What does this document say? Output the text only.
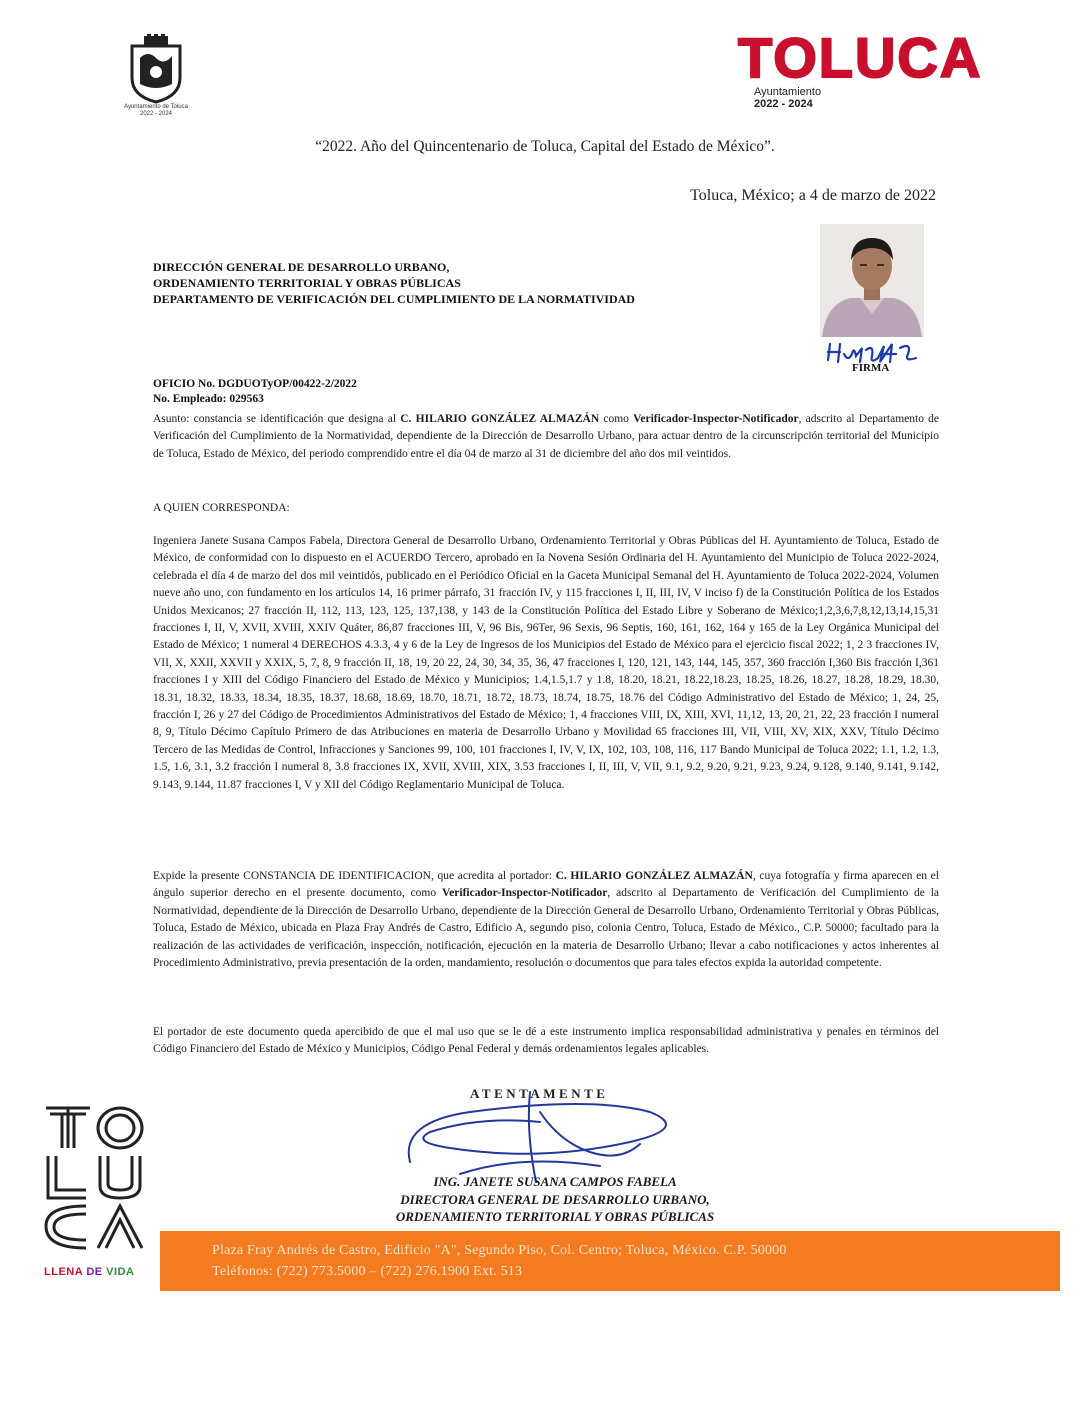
Ayuntamiento de Toluca
2022 - 2024
TOLUCA
Ayuntamiento
2022 - 2024
“2022. Año del Quincentenario de Toluca, Capital del Estado de México”.
Toluca, México; a 4 de marzo de 2022
DIRECCIÓN GENERAL DE DESARROLLO URBANO,
ORDENAMIENTO TERRITORIAL Y OBRAS PÚBLICAS
DEPARTAMENTO DE VERIFICACIÓN DEL CUMPLIMIENTO DE LA NORMATIVIDAD
FIRMA
OFICIO No. DGDUOTyOP/00422-2/2022
No. Empleado: 029563
Asunto: constancia se identificación que designa al C. HILARIO GONZÁLEZ ALMAZÁN como Verificador-Inspector-Notificador, adscrito al Departamento de Verificación del Cumplimiento de la Normatividad, dependiente de la Dirección de Desarrollo Urbano, para actuar dentro de la circunscripción territorial del Municipio de Toluca, Estado de México, del periodo comprendido entre el día 04 de marzo al 31 de diciembre del año dos mil veintidos.
A QUIEN CORRESPONDA:
Ingeniera Janete Susana Campos Fabela, Directora General de Desarrollo Urbano, Ordenamiento Territorial y Obras Públicas del H. Ayuntamiento de Toluca, Estado de México, de conformidad con lo dispuesto en el ACUERDO Tercero, aprobado en la Novena Sesión Ordinaria del H. Ayuntamiento del Municipio de Toluca 2022-2024, celebrada el día 4 de marzo del dos mil veintidós, publicado en el Periódico Oficial en la Gaceta Municipal Semanal del H. Ayuntamiento de Toluca 2022-2024, Volumen nueve año uno, con fundamento en los artículos 14, 16 primer párrafo, 31 fracción IV, y 115 fracciones I, II, III, IV, V inciso f) de la Constitución Política de los Estados Unidos Mexicanos; 27 fracción II, 112, 113, 123, 125, 137,138, y 143 de la Constitución Política del Estado Libre y Soberano de México;1,2,3,6,7,8,12,13,14,15,31 fracciones I, II, V, XVII, XVIII, XXIV Quáter, 86,87 fracciones III, V, 96 Bis, 96Ter, 96 Sexis, 96 Septis, 160, 161, 162, 164 y 165 de la Ley Orgánica Municipal del Estado de México; 1 numeral 4 DERECHOS 4.3.3, 4 y 6 de la Ley de Ingresos de los Municipios del Estado de México para el ejercicio fiscal 2022; 1, 2 3 fracciones IV, VII, X, XXII, XXVII y XXIX, 5, 7, 8, 9 fracción II, 18, 19, 20 22, 24, 30, 34, 35, 36, 47 fracciones I, 120, 121, 143, 144, 145, 357, 360 fracción I,360 Bis fracción I,361 fracciones I y XIII del Código Financiero del Estado de México y Municipios; 1.4,1.5,1.7 y 1.8, 18.20, 18.21, 18.22,18.23, 18.25, 18.26, 18.27, 18.28, 18.29, 18.30, 18.31, 18.32, 18.33, 18.34, 18.35, 18.37, 18.68, 18.69, 18.70, 18.71, 18.72, 18.73, 18.74, 18.75, 18.76 del Código Administrativo del Estado de México; 1, 24, 25, fracción I, 26 y 27 del Código de Procedimientos Administrativos del Estado de México; 1, 4 fracciones VIII, IX, XIII, XVI, 11,12, 13, 20, 21, 22, 23 fracción I numeral 8, 9, Título Décimo Capítulo Primero de das Atribuciones en materia de Desarrollo Urbano y Movilidad 65 fracciones III, VII, VIII, XV, XIX, XXV, Título Décimo Tercero de las Medidas de Control, Infracciones y Sanciones 99, 100, 101 fracciones I, IV, V, IX, 102, 103, 108, 116, 117 Bando Municipal de Toluca 2022; 1.1, 1.2, 1.3, 1.5, 1.6, 3.1, 3.2 fracción I numeral 8, 3.8 fracciones IX, XVII, XVIII, XIX, 3.53 fracciones I, II, III, V, VII, 9.1, 9.2, 9.20, 9.21, 9.23, 9.24, 9.128, 9.140, 9.141, 9.142, 9.143, 9.144, 11.87 fracciones I, V y XII del Código Reglamentario Municipal de Toluca.
Expide la presente CONSTANCIA DE IDENTIFICACION, que acredita al portador: C. HILARIO GONZÁLEZ ALMAZÁN, cuya fotografía y firma aparecen en el ángulo superior derecho en el presente documento, como Verificador-Inspector-Notificador, adscrito al Departamento de Verificación del Cumplimiento de la Normatividad, dependiente de la Dirección de Desarrollo Urbano, dependiente de la Dirección General de Desarrollo Urbano, Ordenamiento Territorial y Obras Públicas, Toluca, Estado de México, ubicada en Plaza Fray Andrés de Castro, Edificio A, segundo piso, colonia Centro, Toluca, Estado de México., C.P. 50000; facultado para la realización de las actividades de verificación, inspección, notificación, ejecución en la materia de Desarrollo Urbano; llevar a cabo notificaciones y actos inherentes al Procedimiento Administrativo, previa presentación de la orden, mandamiento, resolución o documentos que para tales efectos expida la autoridad competente.
El portador de este documento queda apercibido de que el mal uso que se le dé a este instrumento implica responsabilidad administrativa y penales en términos del Código Financiero del Estado de México y Municipios, Código Penal Federal y demás ordenamientos legales aplicables.
ATENTAMENTE
ING. JANETE SUSANA CAMPOS FABELA
DIRECTORA GENERAL DE DESARROLLO URBANO,
ORDENAMIENTO TERRITORIAL Y OBRAS PÚBLICAS
LLENA DE VIDA
Plaza Fray Andrés de Castro, Edificio "A", Segundo Piso, Col. Centro; Toluca, México. C.P. 50000
Teléfonos: (722) 773.5000 – (722) 276.1900 Ext. 513
